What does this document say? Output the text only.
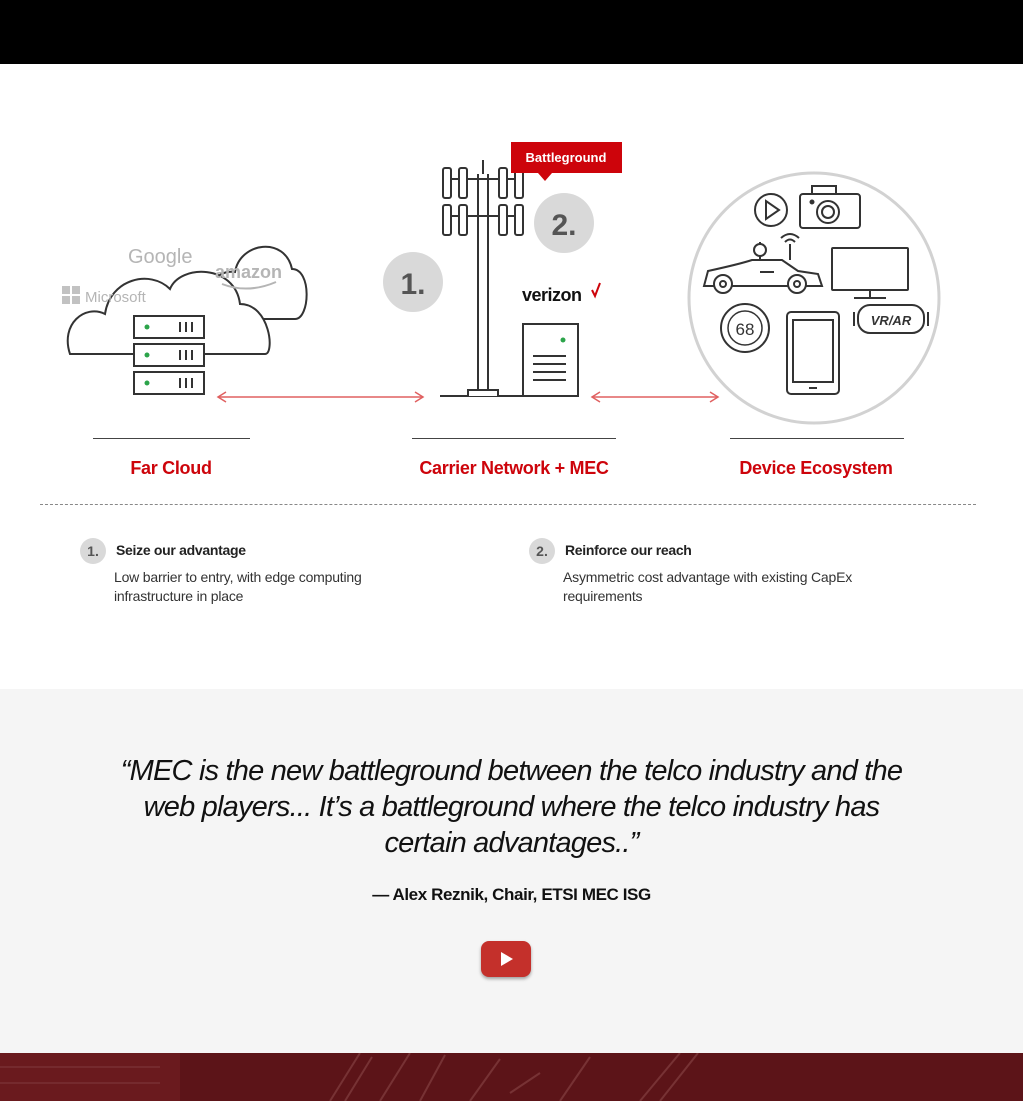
Google
amazon
Microsoft
Battleground
1.
2.
verizon
68	VR/AR
Far Cloud	Carrier Network + MEC	Device Ecosystem
1.	Seize our advantage
Low barrier to entry, with edge computing infrastructure in place
2.	Reinforce our reach
Asymmetric cost advantage with existing CapEx requirements
“MEC is the new battleground between the telco industry and the web players... It’s a battleground where the telco industry has certain advantages..”
— Alex Reznik, Chair, ETSI MEC ISG
